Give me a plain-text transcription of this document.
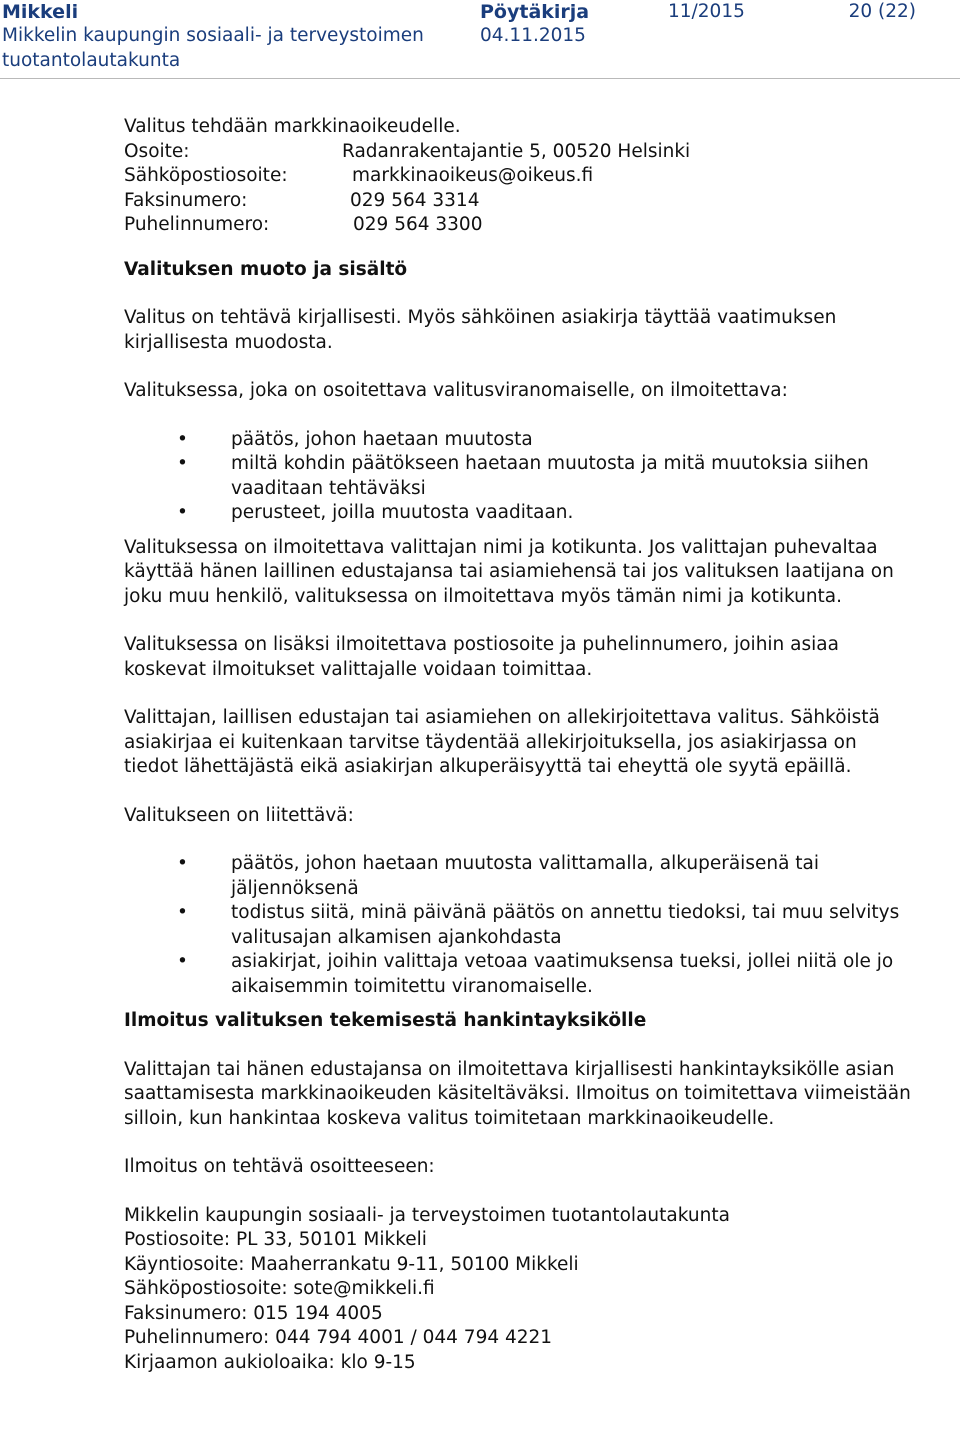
Mikkeli
Mikkelin kaupungin sosiaali- ja terveystoimen
tuotantolautakunta
Pöytäkirja
04.11.2015
11/2015	20 (22)

Valitus tehdään markkinaoikeudelle.

Osoite:	Radanrakentajantie 5, 00520 Helsinki
Sähköpostiosoite:	markkinaoikeus@oikeus.fi
Faksinumero:	029 564 3314
Puhelinnumero:	029 564 3300

Valituksen muoto ja sisältö

Valitus on tehtävä kirjallisesti. Myös sähköinen asiakirja täyttää vaatimuksen kirjallisesta muodosta.

Valituksessa, joka on osoitettava valitusviranomaiselle, on ilmoitettava:

• päätös, johon haetaan muutosta
• miltä kohdin päätökseen haetaan muutosta ja mitä muutoksia siihen vaaditaan tehtäväksi
• perusteet, joilla muutosta vaaditaan.

Valituksessa on ilmoitettava valittajan nimi ja kotikunta. Jos valittajan puhevaltaa käyttää hänen laillinen edustajansa tai asiamiehensä tai jos valituksen laatijana on joku muu henkilö, valituksessa on ilmoitettava myös tämän nimi ja kotikunta.

Valituksessa on lisäksi ilmoitettava postiosoite ja puhelinnumero, joihin asiaa koskevat ilmoitukset valittajalle voidaan toimittaa.

Valittajan, laillisen edustajan tai asiamiehen on allekirjoitettava valitus. Sähköistä asiakirjaa ei kuitenkaan tarvitse täydentää allekirjoituksella, jos asiakirjassa on tiedot lähettäjästä eikä asiakirjan alkuperäisyyttä tai eheyttä ole syytä epäillä.

Valitukseen on liitettävä:

• päätös, johon haetaan muutosta valittamalla, alkuperäisenä tai jäljennöksenä
• todistus siitä, minä päivänä päätös on annettu tiedoksi, tai muu selvitys valitusajan alkamisen ajankohdasta
• asiakirjat, joihin valittaja vetoaa vaatimuksensa tueksi, jollei niitä ole jo aikaisemmin toimitettu viranomaiselle.

Ilmoitus valituksen tekemisestä hankintayksikölle

Valittajan tai hänen edustajansa on ilmoitettava kirjallisesti hankintayksikölle asian saattamisesta markkinaoikeuden käsiteltäväksi. Ilmoitus on toimitettava viimeistään silloin, kun hankintaa koskeva valitus toimitetaan markkinaoikeudelle.

Ilmoitus on tehtävä osoitteeseen:

Mikkelin kaupungin sosiaali- ja terveystoimen tuotantolautakunta
Postiosoite: PL 33, 50101 Mikkeli
Käyntiosoite: Maaherrankatu 9-11, 50100 Mikkeli
Sähköpostiosoite: sote@mikkeli.fi
Faksinumero: 015 194 4005
Puhelinnumero: 044 794 4001 / 044 794 4221
Kirjaamon aukioloaika: klo 9-15
